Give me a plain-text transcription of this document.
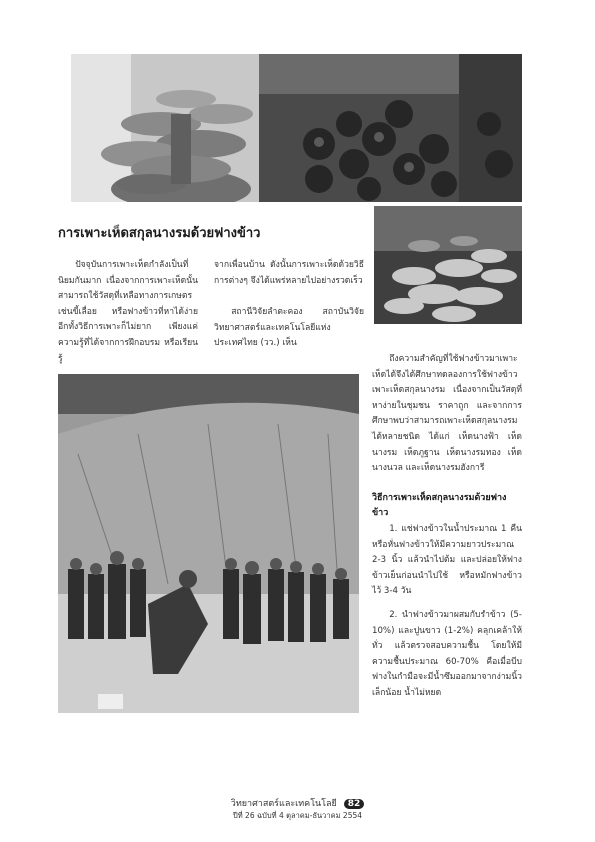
การเพาะเห็ดสกุลนางรมด้วยฟางข้าว

ปัจจุบันการเพาะเห็ดกำลังเป็นที่นิยมกันมาก เนื่องจากการเพาะเห็ดนั้นสามารถใช้วัสดุที่เหลือทางการเกษตรเช่นขี้เลื่อย หรือฟางข้าวที่หาได้ง่าย อีกทั้งวิธีการเพาะก็ไม่ยาก เพียงแค่ความรู้ที่ได้จากการฝึกอบรม หรือเรียนรู้

จากเพื่อนบ้าน ดังนั้นการเพาะเห็ดด้วยวิธีการต่างๆ จึงได้แพร่หลายไปอย่างรวดเร็ว

สถานีวิจัยลำตะคอง สถาบันวิจัยวิทยาศาสตร์และเทคโนโลยีแห่งประเทศไทย (วว.) เห็น

ถึงความสำคัญที่ใช้ฟางข้าวมาเพาะเห็ดได้จึงได้ศึกษาทดลองการใช้ฟางข้าวเพาะเห็ดสกุลนางรม เนื่องจากเป็นวัสดุที่หาง่ายในชุมชน ราคาถูก และจากการศึกษาพบว่าสามารถเพาะเห็ดสกุลนางรมได้หลายชนิด ได้แก่ เห็ดนางฟ้า เห็ดนางรม เห็ดภูฐาน เห็ดนางรมทอง เห็ดนางนวล และเห็ดนางรมฮังการี

วิธีการเพาะเห็ดสกุลนางรมด้วยฟางข้าว

1. แช่ฟางข้าวในน้ำประมาณ 1 คืน หรือหั่นฟางข้าวให้มีความยาวประมาณ 2-3 นิ้ว แล้วนำไปต้ม และปล่อยให้ฟางข้าวเย็นก่อนนำไปใช้ หรือหมักฟางข้าวไว้ 3-4 วัน

2. นำฟางข้าวมาผสมกับรำข้าว (5-10%) และปูนขาว (1-2%) คลุกเคล้าให้ทั่ว แล้วตรวจสอบความชื้น โดยให้มีความชื้นประมาณ 60-70% คือเมื่อบีบฟางในกำมือจะมีน้ำซึมออกมาจากง่ามนิ้วเล็กน้อย น้ำไม่หยด

วิทยาศาสตร์และเทคโนโลยี 82
ปีที่ 26 ฉบับที่ 4 ตุลาคม-ธันวาคม 2554
